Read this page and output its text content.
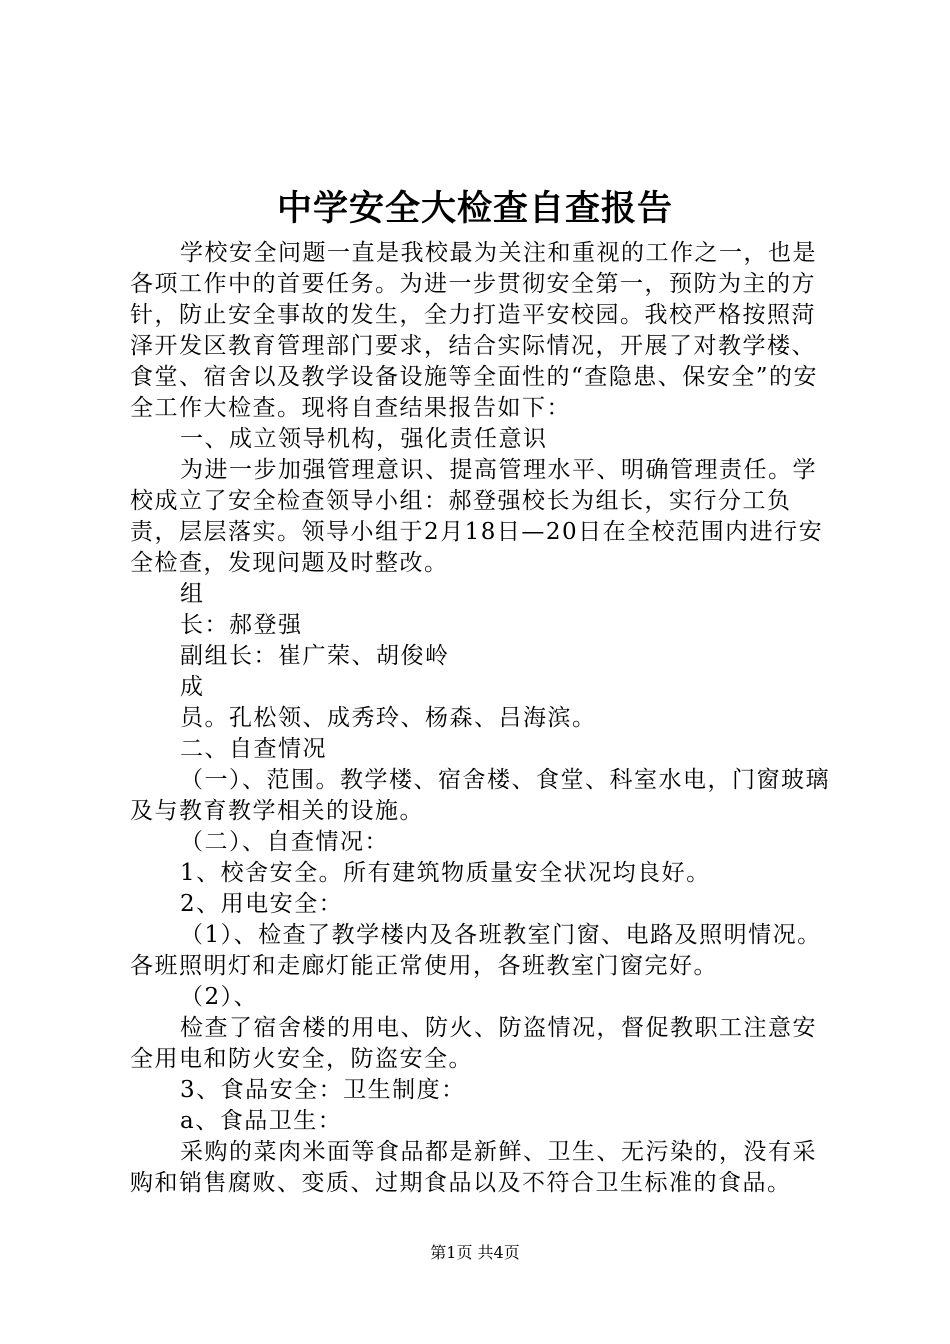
中学安全大检查自查报告

学校安全问题一直是我校最为关注和重视的工作之一，也是各项工作中的首要任务。为进一步贯彻安全第一，预防为主的方针，防止安全事故的发生，全力打造平安校园。我校严格按照菏泽开发区教育管理部门要求，结合实际情况，开展了对教学楼、食堂、宿舍以及教学设备设施等全面性的“查隐患、保安全”的安全工作大检查。现将自查结果报告如下：

一、成立领导机构，强化责任意识

为进一步加强管理意识、提高管理水平、明确管理责任。学校成立了安全检查领导小组：郝登强校长为组长，实行分工负责，层层落实。领导小组于2月18日—20日在全校范围内进行安全检查，发现问题及时整改。

组

长：郝登强

副组长：崔广荣、胡俊岭

成

员。孔松领、成秀玲、杨森、吕海滨。

二、自查情况

（一）、范围。教学楼、宿舍楼、食堂、科室水电，门窗玻璃及与教育教学相关的设施。

（二）、自查情况：

1、校舍安全。所有建筑物质量安全状况均良好。

2、用电安全：

（1）、检查了教学楼内及各班教室门窗、电路及照明情况。各班照明灯和走廊灯能正常使用，各班教室门窗完好。

（2）、

检查了宿舍楼的用电、防火、防盗情况，督促教职工注意安全用电和防火安全，防盗安全。

3、食品安全：卫生制度：

a、食品卫生：

采购的菜肉米面等食品都是新鲜、卫生、无污染的，没有采购和销售腐败、变质、过期食品以及不符合卫生标准的食品。

第1页 共4页
